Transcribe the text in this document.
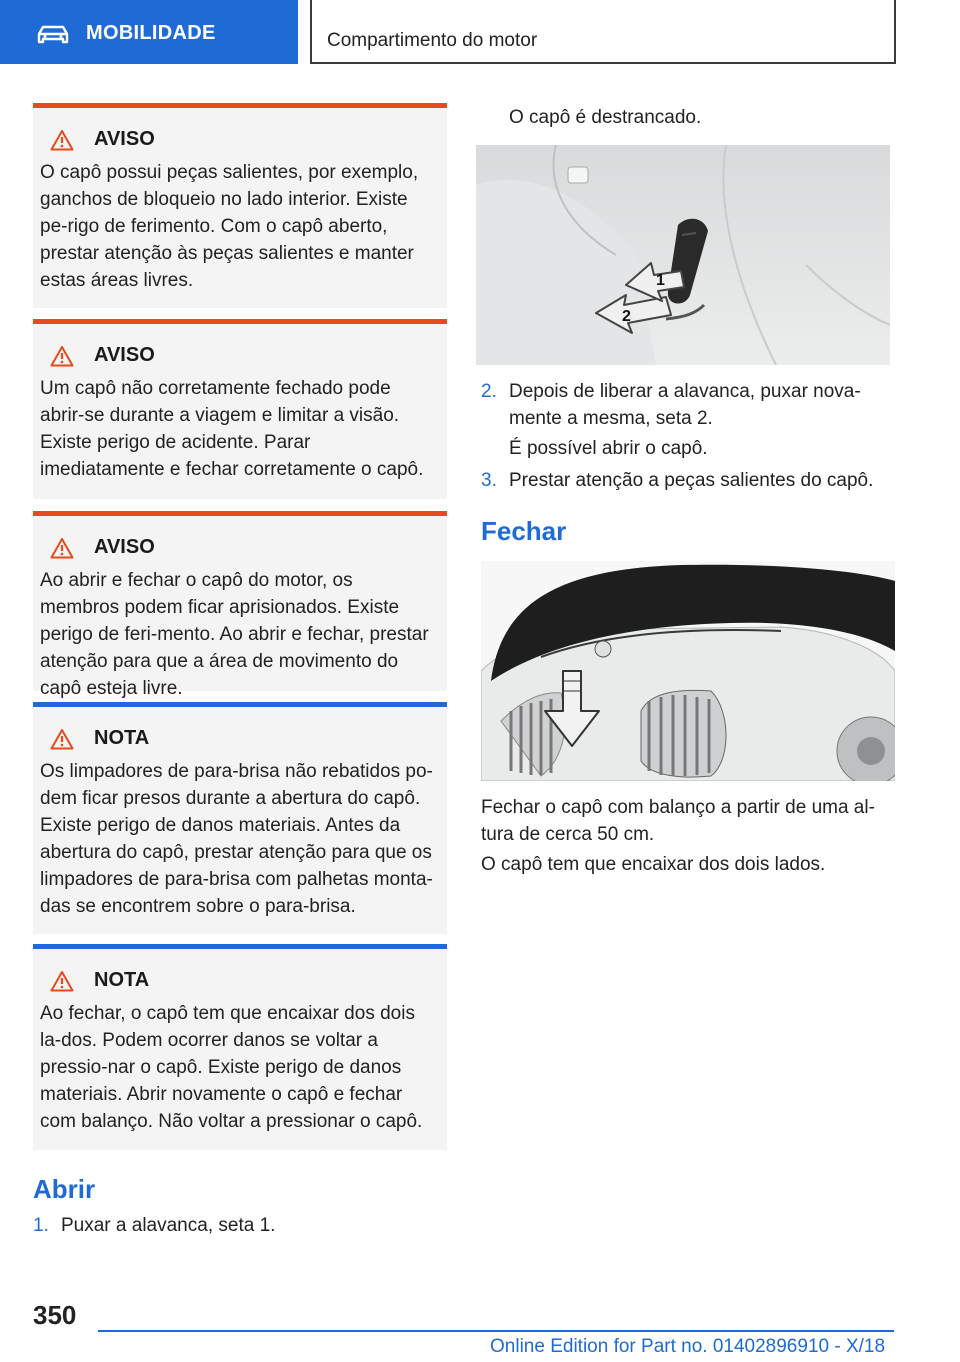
MOBILIDADE	Compartimento do motor
AVISO
O capô possui peças salientes, por exemplo, ganchos de bloqueio no lado interior. Existe pe-rigo de ferimento. Com o capô aberto, prestar atenção às peças salientes e manter estas áreas livres.
AVISO
Um capô não corretamente fechado pode abrir-se durante a viagem e limitar a visão. Existe perigo de acidente. Parar imediatamente e fechar corretamente o capô.
AVISO
Ao abrir e fechar o capô do motor, os membros podem ficar aprisionados. Existe perigo de feri-mento. Ao abrir e fechar, prestar atenção para que a área de movimento do capô esteja livre.
NOTA
Os limpadores de para-brisa não rebatidos po-dem ficar presos durante a abertura do capô. Existe perigo de danos materiais. Antes da abertura do capô, prestar atenção para que os limpadores de para-brisa com palhetas monta-das se encontrem sobre o para-brisa.
NOTA
Ao fechar, o capô tem que encaixar dos dois la-dos. Podem ocorrer danos se voltar a pressio-nar o capô. Existe perigo de danos materiais. Abrir novamente o capô e fechar com balanço. Não voltar a pressionar o capô.
Abrir
1. Puxar a alavanca, seta 1.
O capô é destrancado.
2
1
2. Depois de liberar a alavanca, puxar nova-mente a mesma, seta 2.
É possível abrir o capô.
3. Prestar atenção a peças salientes do capô.
Fechar
Fechar o capô com balanço a partir de uma al-tura de cerca 50 cm.
O capô tem que encaixar dos dois lados.
350
Online Edition for Part no. 01402896910 - X/18
